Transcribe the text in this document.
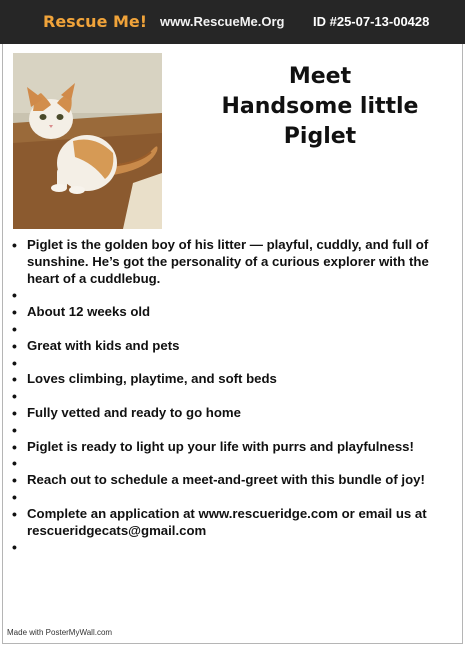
Rescue Me! www.RescueMe.Org ID #25-07-13-00428
Meet
Handsome little
Piglet
• Piglet is the golden boy of his litter — playful, cuddly, and full of sunshine. He’s got the personality of a curious explorer with the heart of a cuddlebug.
•
• About 12 weeks old
•
• Great with kids and pets
•
• Loves climbing, playtime, and soft beds
•
• Fully vetted and ready to go home
•
• Piglet is ready to light up your life with purrs and playfulness!
•
• Reach out to schedule a meet-and-greet with this bundle of joy!
•
• Complete an application at www.rescueridge.com or email us at rescueridgecats@gmail.com
•
Made with PosterMyWall.com
